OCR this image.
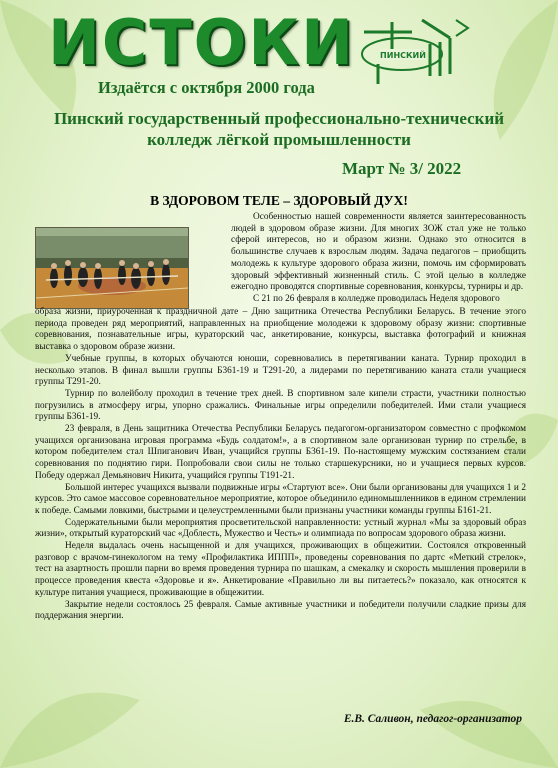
ИСТОКИ	ПИНСКИЙ
Издаётся с октября 2000 года
Пинский государственный профессионально-технический
колледж лёгкой промышленности
Март № 3/ 2022
В ЗДОРОВОМ ТЕЛЕ – ЗДОРОВЫЙ ДУХ!

Особенностью нашей современности является заинтересованность людей в здоровом образе жизни. Для многих ЗОЖ стал уже не только сферой интересов, но и образом жизни. Однако это относится в большинстве случаев к взрослым людям. Задача педагогов – приобщить молодежь к культуре здорового образа жизни, помочь им сформировать здоровый эффективный жизненный стиль. С этой целью в колледже ежегодно проводятся спортивные соревнования, конкурсы, турниры и др.

С 21 по 26 февраля в колледже проводилась Неделя здорового

образа жизни, приуроченная к праздничной дате – Дню защитника Отечества Республики Беларусь. В течение этого периода проведен ряд мероприятий, направленных на приобщение молодежи к здоровому образу жизни: спортивные соревнования, познавательные игры, кураторский час, анкетирование, конкурсы, выставка фотографий и книжная выставка о здоровом образе жизни.

Учебные группы, в которых обучаются юноши, соревновались в перетягивании каната. Турнир проходил в несколько этапов. В финал вышли группы Б361-19 и Т291-20, а лидерами по перетягиванию каната стали учащиеся группы Т291-20.

Турнир по волейболу проходил в течение трех дней. В спортивном зале кипели страсти, участники полностью погрузились в атмосферу игры, упорно сражались. Финальные игры определили победителей. Ими стали учащиеся группы Б361-19.

23 февраля, в День защитника Отечества Республики Беларусь педагогом-организатором совместно с профкомом учащихся организована игровая программа «Будь солдатом!», а в спортивном зале организован турнир по стрельбе, в котором победителем стал Шпиганович Иван, учащийся группы Б361-19. По-настоящему мужским состязанием стали соревнования по поднятию гири. Попробовали свои силы не только старшекурсники, но и учащиеся первых курсов. Победу одержал Демьянович Никита, учащийся группы Т191-21.

Большой интерес учащихся вызвали подвижные игры «Стартуют все». Они были организованы для учащихся 1 и 2 курсов. Это самое массовое соревновательное мероприятие, которое объединило единомышленников в едином стремлении к победе. Самыми ловкими, быстрыми и целеустремленными были признаны участники команды группы Б161-21.

Содержательными были мероприятия просветительской направленности: устный журнал «Мы за здоровый образ жизни», открытый кураторский час «Доблесть, Мужество и Честь» и олимпиада по вопросам здорового образа жизни.

Неделя выдалась очень насыщенной и для учащихся, проживающих в общежитии. Состоялся откровенный разговор с врачом-гинекологом на тему «Профилактика ИППП», проведены соревнования по дартс «Меткий стрелок», тест на азартность прошли парни во время проведения турнира по шашкам, а смекалку и скорость мышления проверили в процессе проведения квеста «Здоровье и я». Анкетирование «Правильно ли вы питаетесь?» показало, как относятся к культуре питания учащиеся, проживающие в общежитии.

Закрытие недели состоялось 25 февраля. Самые активные участники и победители получили сладкие призы для поддержания энергии.

Е.В. Саливон, педагог-организатор
